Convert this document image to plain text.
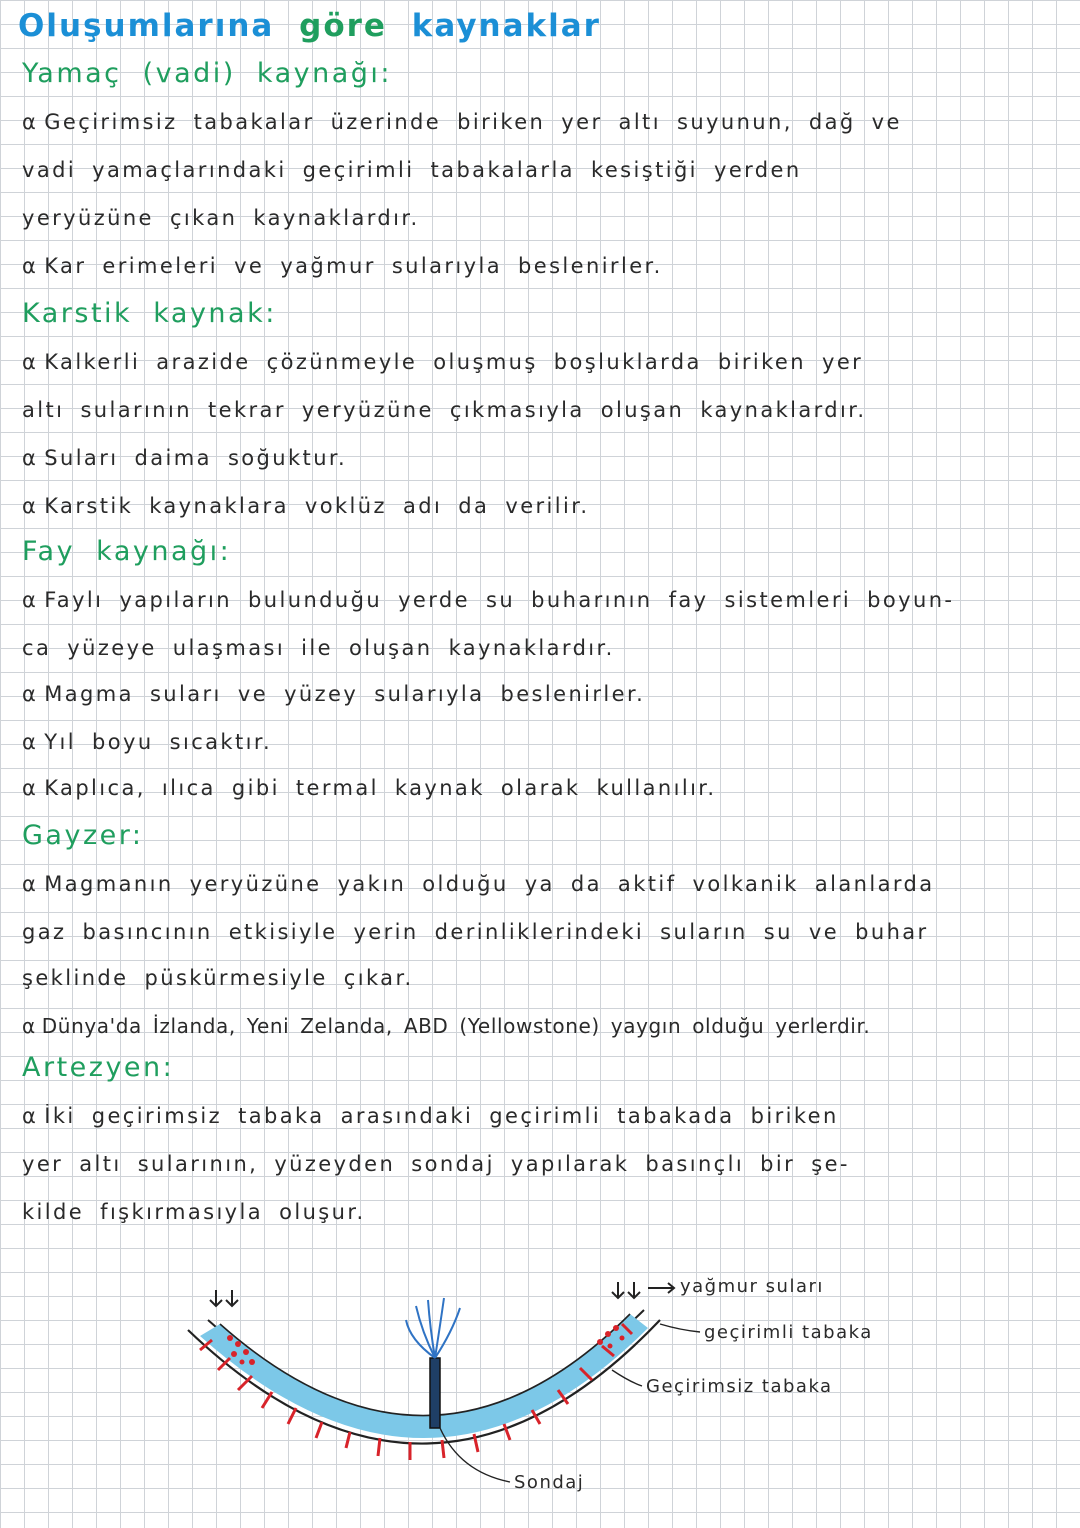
Oluşumlarına göre kaynaklar
Yamaç (vadi) kaynağı:
α Geçirimsiz tabakalar üzerinde biriken yer altı suyunun, dağ ve
vadi yamaçlarındaki geçirimli tabakalarla kesiştiği yerden
yeryüzüne çıkan kaynaklardır.
α Kar erimeleri ve yağmur sularıyla beslenirler.
Karstik kaynak:
α Kalkerli arazide çözünmeyle oluşmuş boşluklarda biriken yer
altı sularının tekrar yeryüzüne çıkmasıyla oluşan kaynaklardır.
α Suları daima soğuktur.
α Karstik kaynaklara voklüz adı da verilir.
Fay kaynağı:
α Faylı yapıların bulunduğu yerde su buharının fay sistemleri boyun-
ca yüzeye ulaşması ile oluşan kaynaklardır.
α Magma suları ve yüzey sularıyla beslenirler.
α Yıl boyu sıcaktır.
α Kaplıca, ılıca gibi termal kaynak olarak kullanılır.
Gayzer:
α Magmanın yeryüzüne yakın olduğu ya da aktif volkanik alanlarda
gaz basıncının etkisiyle yerin derinliklerindeki suların su ve buhar
şeklinde püskürmesiyle çıkar.
α Dünya'da İzlanda, Yeni Zelanda, ABD (Yellowstone) yaygın olduğu yerlerdir.
Artezyen:
α İki geçirimsiz tabaka arasındaki geçirimli tabakada biriken
yer altı sularının, yüzeyden sondaj yapılarak basınçlı bir şe-
kilde fışkırmasıyla oluşur.
yağmur suları
geçirimli tabaka
Geçirimsiz tabaka
Sondaj
